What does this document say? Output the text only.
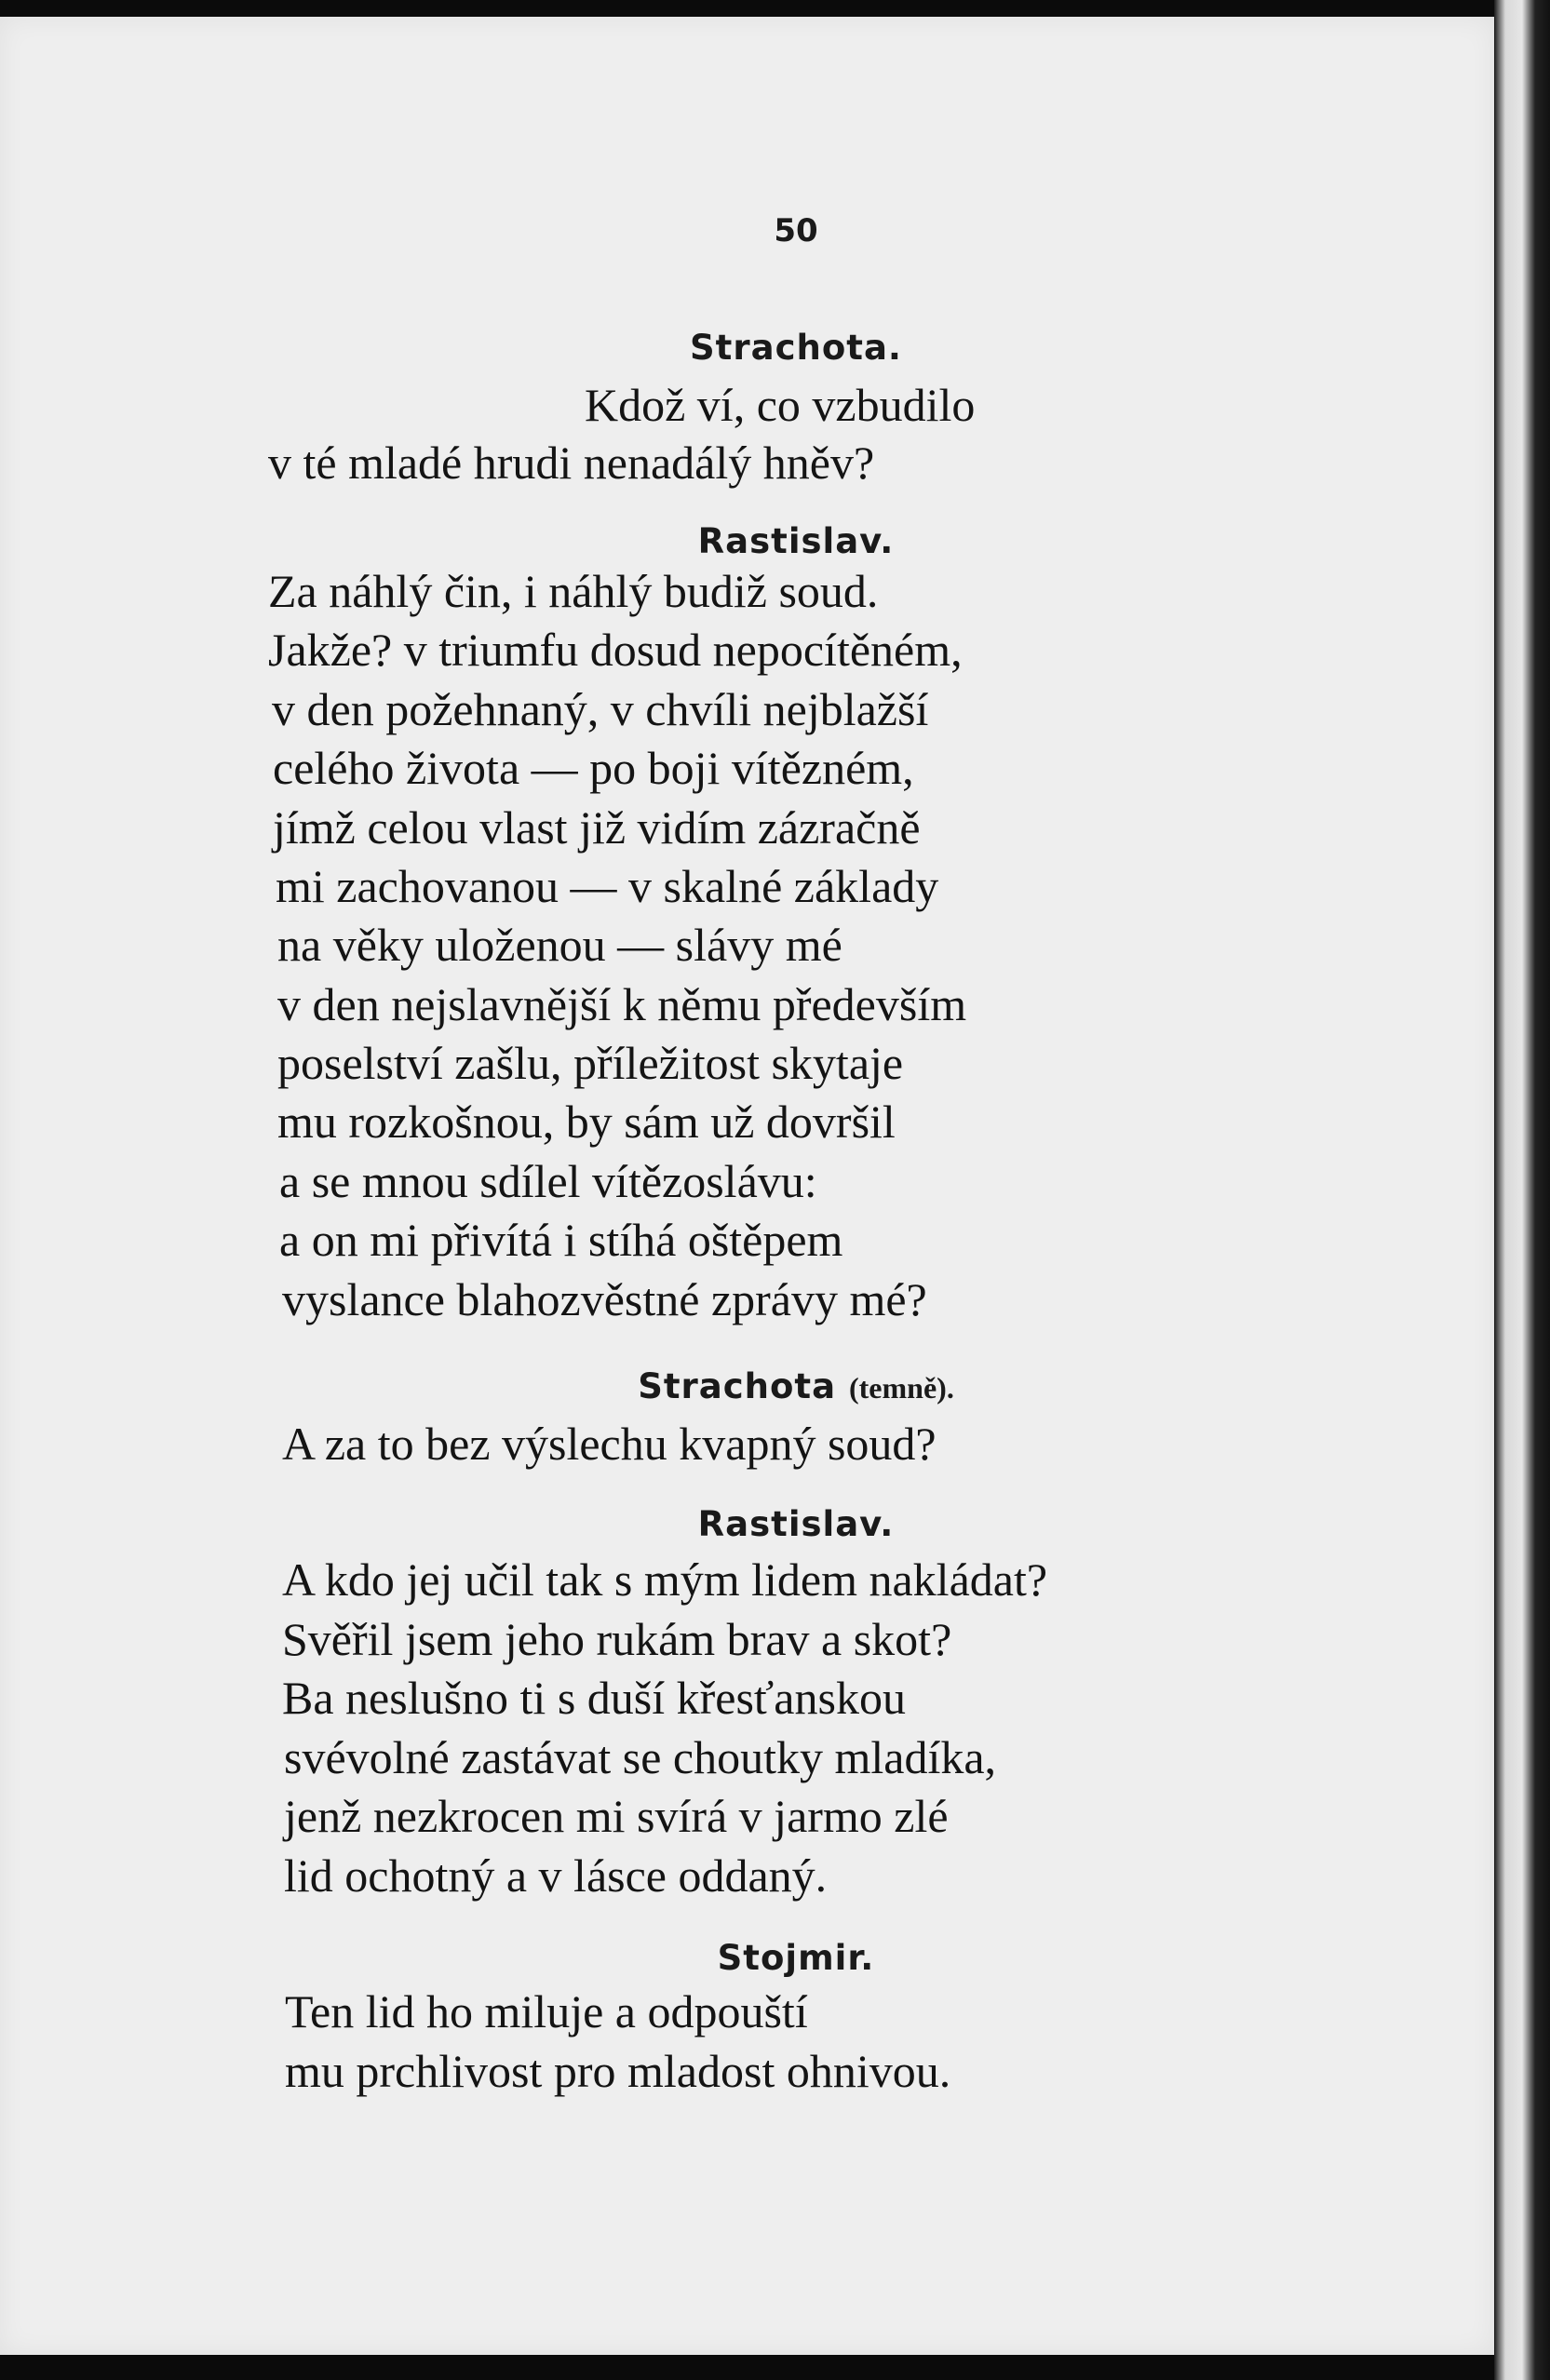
50
Strachota.
Kdož ví, co vzbudilo
v té mladé hrudi nenadálý hněv?
Rastislav.
Za náhlý čin, i náhlý budiž soud.
Jakže? v triumfu dosud nepocítěném,
v den požehnaný, v chvíli nejblažší
celého života — po boji vítězném,
jímž celou vlast již vidím zázračně
mi zachovanou — v skalné základy
na věky uloženou — slávy mé
v den nejslavnější k němu především
poselství zašlu, příležitost skytaje
mu rozkošnou, by sám už dovršil
a se mnou sdílel vítězoslávu:
a on mi přivítá i stíhá oštěpem
vyslance blahozvěstné zprávy mé?
Strachota (temně).
A za to bez výslechu kvapný soud?
Rastislav.
A kdo jej učil tak s mým lidem nakládat?
Svěřil jsem jeho rukám brav a skot?
Ba neslušno ti s duší křesťanskou
svévolné zastávat se choutky mladíka,
jenž nezkrocen mi svírá v jarmo zlé
lid ochotný a v lásce oddaný.
Stojmir.
Ten lid ho miluje a odpouští
mu prchlivost pro mladost ohnivou.
